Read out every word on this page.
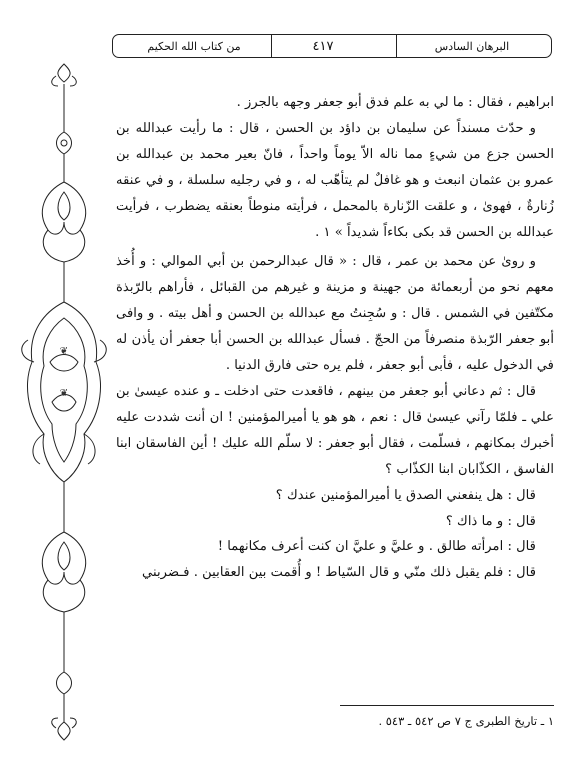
من كتاب الله الحكيم	٤١٧	البرهان السادس
❦
❦

ابراهيم ، فقال : ما لي به علم فدق أبو جعفر وجهه بالجرز .

و حدّث مسنداً عن سليمان بن داؤد بن الحسن ، قال : ما رأيت عبدالله بن الحسن جزع من شيءٍ مما ناله الاّ يوماً واحداً ، فانّ بعير محمد بن عبدالله بن عمرو بن عثمان انبعث و هو غافلٌ لم يتأهّب له ، و في رجليه سلسلة ، و في عنقه زُنارةٌ ، فهوىٰ ، و علقت الزّنارة بالمحمل ، فرأيته منوطاً بعنقه يضطرب ، فرأيت عبدالله بن الحسن قد بكى بكاءاً شديداً » ١ .

و روىٰ عن محمد بن عمر ، قال : « قال عبدالرحمن بن أبي الموالي : و أُخذ معهم نحو من أربعمائة من جهينة و مزينة و غيرهم من القبائل ، فأراهم بالرّبذة مكتّفين في الشمس . قال : و سُجِنتُ مع عبدالله بن الحسن و أهل بيته . و وافى أبو جعفر الرّبذة منصرفاً من الحجّ . فسأل عبدالله بن الحسن أبا جعفر أن يأذن له في الدخول عليه ، فأبى أبو جعفر ، فلم يره حتى فارق الدنيا .

قال : ثم دعاني أبو جعفر من بينهم ، فاقعدت حتى ادخلت ـ و عنده عيسىٰ بن علي ـ فلمّا رآني عيسىٰ قال : نعم ، هو هو يا أميرالمؤمنين ! ان أنت شددت عليه أخبرك بمكانهم ، فسلّمت ، فقال أبو جعفر : لا سلّم الله عليك ! أين الفاسقان ابنا الفاسق ، الكذّابان ابنا الكذّاب ؟

قال : هل ينفعني الصدق يا أميرالمؤمنين عندك ؟

قال : و ما ذاك ؟

قال : امرأته طالق . و عليَّ و عليَّ ان كنت أعرف مكانهما !

قال : فلم يقبل ذلك منّي و قال السّياط ! و أُقمت بين العقابين . فـضربني

١ ـ تاريخ الطبرى ج ٧ ص ٥٤٢ ـ ٥٤٣ .
